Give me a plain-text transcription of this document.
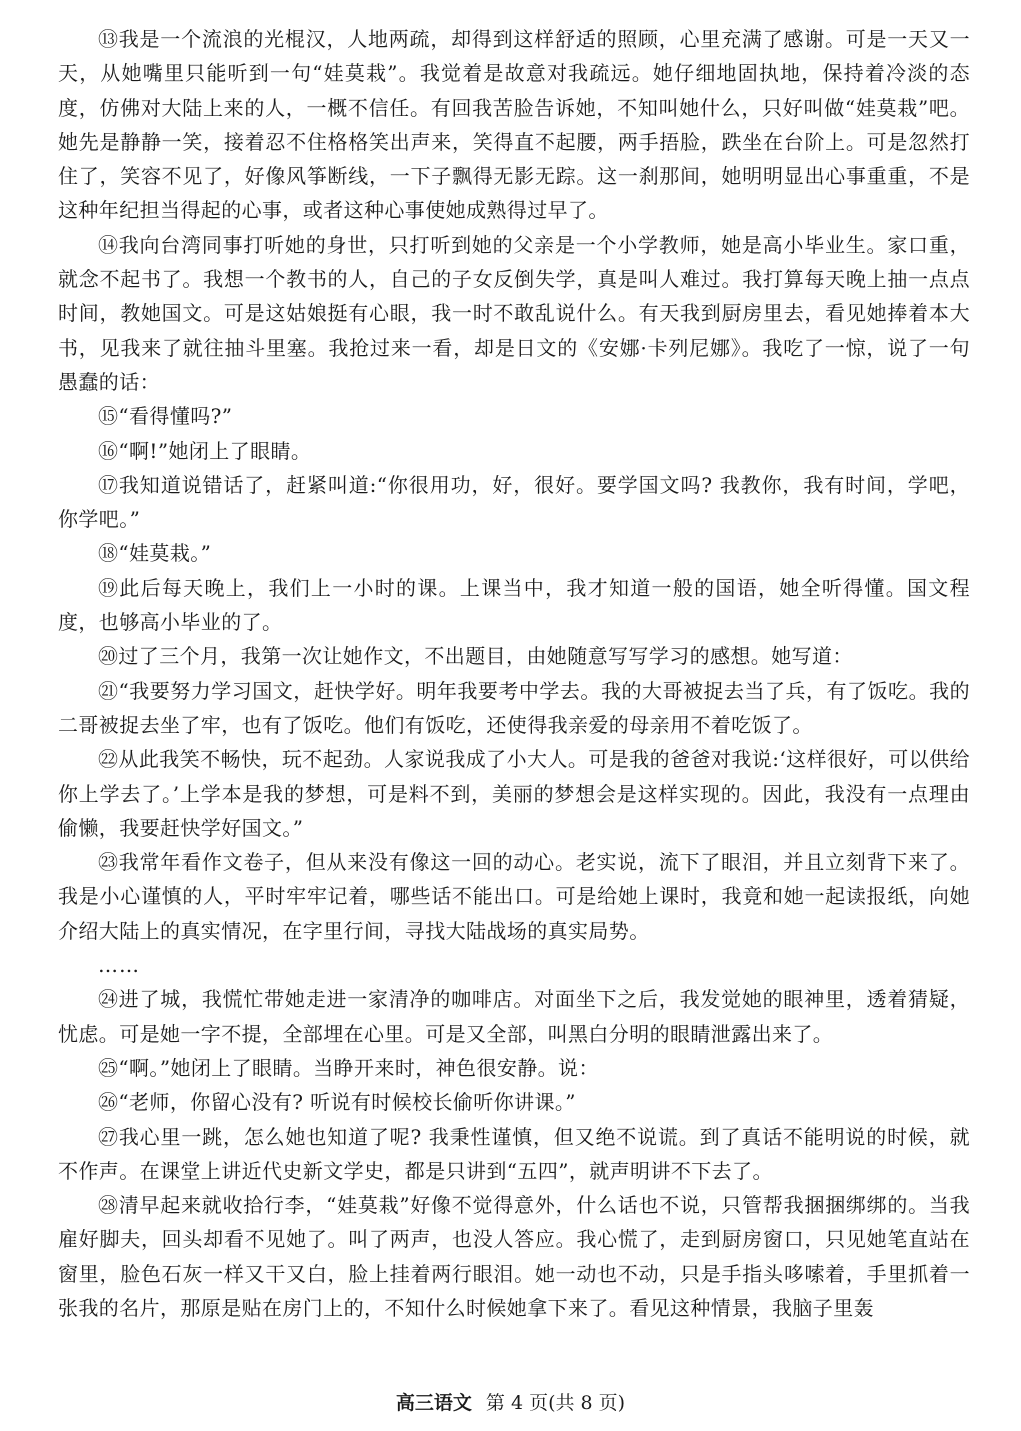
⑬我是一个流浪的光棍汉，人地两疏，却得到这样舒适的照顾，心里充满了感谢。可是一天又一天，从她嘴里只能听到一句“娃莫栽”。我觉着是故意对我疏远。她仔细地固执地，保持着冷淡的态度，仿佛对大陆上来的人，一概不信任。有回我苦脸告诉她，不知叫她什么，只好叫做“娃莫栽”吧。她先是静静一笑，接着忍不住格格笑出声来，笑得直不起腰，两手捂脸，跌坐在台阶上。可是忽然打住了，笑容不见了，好像风筝断线，一下子飘得无影无踪。这一刹那间，她明明显出心事重重，不是这种年纪担当得起的心事，或者这种心事使她成熟得过早了。

⑭我向台湾同事打听她的身世，只打听到她的父亲是一个小学教师，她是高小毕业生。家口重，就念不起书了。我想一个教书的人，自己的子女反倒失学，真是叫人难过。我打算每天晚上抽一点点时间，教她国文。可是这姑娘挺有心眼，我一时不敢乱说什么。有天我到厨房里去，看见她捧着本大书，见我来了就往抽斗里塞。我抢过来一看，却是日文的《安娜·卡列尼娜》。我吃了一惊，说了一句愚蠢的话：

⑮“看得懂吗?”

⑯“啊!”她闭上了眼睛。

⑰我知道说错话了，赶紧叫道:“你很用功，好，很好。要学国文吗? 我教你，我有时间，学吧，你学吧。”

⑱“娃莫栽。”

⑲此后每天晚上，我们上一小时的课。上课当中，我才知道一般的国语，她全听得懂。国文程度，也够高小毕业的了。

⑳过了三个月，我第一次让她作文，不出题目，由她随意写写学习的感想。她写道：

㉑“我要努力学习国文，赶快学好。明年我要考中学去。我的大哥被捉去当了兵，有了饭吃。我的二哥被捉去坐了牢，也有了饭吃。他们有饭吃，还使得我亲爱的母亲用不着吃饭了。

㉒从此我笑不畅快，玩不起劲。人家说我成了小大人。可是我的爸爸对我说:‘这样很好，可以供给你上学去了。’上学本是我的梦想，可是料不到，美丽的梦想会是这样实现的。因此，我没有一点理由偷懒，我要赶快学好国文。”

㉓我常年看作文卷子，但从来没有像这一回的动心。老实说，流下了眼泪，并且立刻背下来了。我是小心谨慎的人，平时牢牢记着，哪些话不能出口。可是给她上课时，我竟和她一起读报纸，向她介绍大陆上的真实情况，在字里行间，寻找大陆战场的真实局势。

……

㉔进了城，我慌忙带她走进一家清净的咖啡店。对面坐下之后，我发觉她的眼神里，透着猜疑，忧虑。可是她一字不提，全部埋在心里。可是又全部，叫黑白分明的眼睛泄露出来了。

㉕“啊。”她闭上了眼睛。当睁开来时，神色很安静。说：

㉖“老师，你留心没有? 听说有时候校长偷听你讲课。”

㉗我心里一跳，怎么她也知道了呢? 我秉性谨慎，但又绝不说谎。到了真话不能明说的时候，就不作声。在课堂上讲近代史新文学史，都是只讲到“五四”，就声明讲不下去了。

㉘清早起来就收拾行李，“娃莫栽”好像不觉得意外，什么话也不说，只管帮我捆捆绑绑的。当我雇好脚夫，回头却看不见她了。叫了两声，也没人答应。我心慌了，走到厨房窗口，只见她笔直站在窗里，脸色石灰一样又干又白，脸上挂着两行眼泪。她一动也不动，只是手指头哆嗦着，手里抓着一张我的名片，那原是贴在房门上的，不知什么时候她拿下来了。看见这种情景，我脑子里轰

高三语文 第 4 页(共 8 页)
